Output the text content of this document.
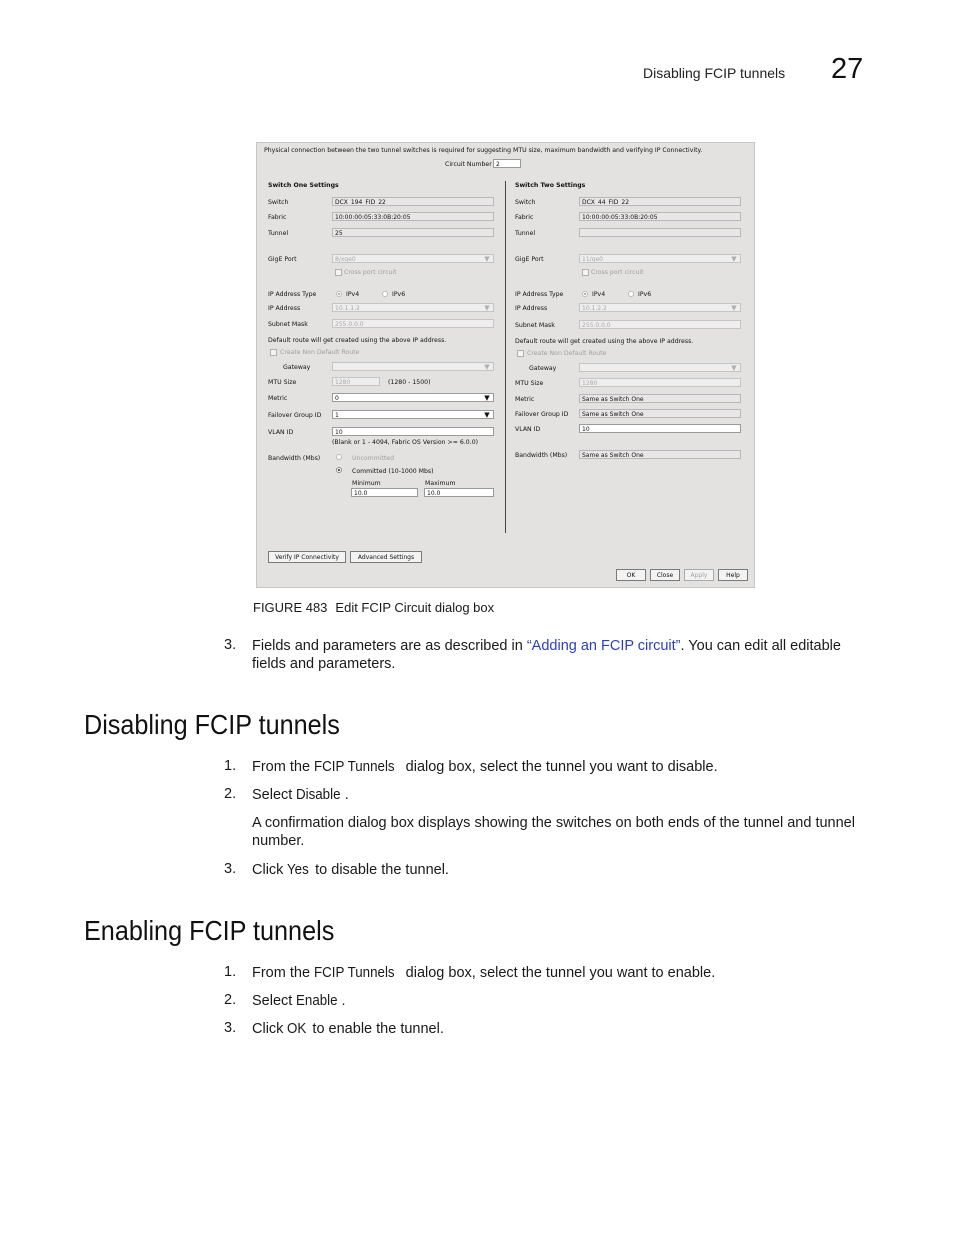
Disabling FCIP tunnels 27
Physical connection between the two tunnel switches is required for suggesting MTU size, maximum bandwidth and verifying IP Connectivity.
Circuit Number 2
Switch One Settings
Switch	DCX_194_FID_22
Fabric	10:00:00:05:33:0B:20:05
Tunnel	25
GigE Port	8/xge0	▼
Cross port circuit
IP Address Type	IPv4	IPv6
IP Address	10.1.1.2	▼
Subnet Mask	255.0.0.0
Default route will get created using the above IP address.
Create Non Default Route
Gateway	▼
MTU Size	1280	(1280 - 1500)
Metric	0	▼
Failover Group ID	1	▼
VLAN ID	10
(Blank or 1 - 4094, Fabric OS Version >= 6.0.0)
Bandwidth (Mbs)	Uncommitted
Committed (10-1000 Mbs)
Minimum
10.0
Maximum
10.0
Switch Two Settings
Switch	DCX_44_FID_22
Fabric	10:00:00:05:33:0B:20:05
Tunnel
GigE Port	11/ge0	▼
Cross port circuit
IP Address Type	IPv4	IPv6
IP Address	10.1.2.2	▼
Subnet Mask	255.0.0.0
Default route will get created using the above IP address.
Create Non Default Route
Gateway	▼
MTU Size	1280
Metric	Same as Switch One
Failover Group ID	Same as Switch One
VLAN ID	10
Bandwidth (Mbs)	Same as Switch One
Verify IP Connectivity	Advanced Settings
OK	Close	Apply	Help
FIGURE 483 Edit FCIP Circuit dialog box
3. Fields and parameters are as described in “Adding an FCIP circuit”. You can edit all editable
fields and parameters.
Disabling FCIP tunnels
1. From the FCIP Tunnels dialog box, select the tunnel you want to disable.
2. Select Disable .
A confirmation dialog box displays showing the switches on both ends of the tunnel and tunnel
number.
3. Click Yes to disable the tunnel.
Enabling FCIP tunnels
1. From the FCIP Tunnels dialog box, select the tunnel you want to enable.
2. Select Enable .
3. Click OK to enable the tunnel.
